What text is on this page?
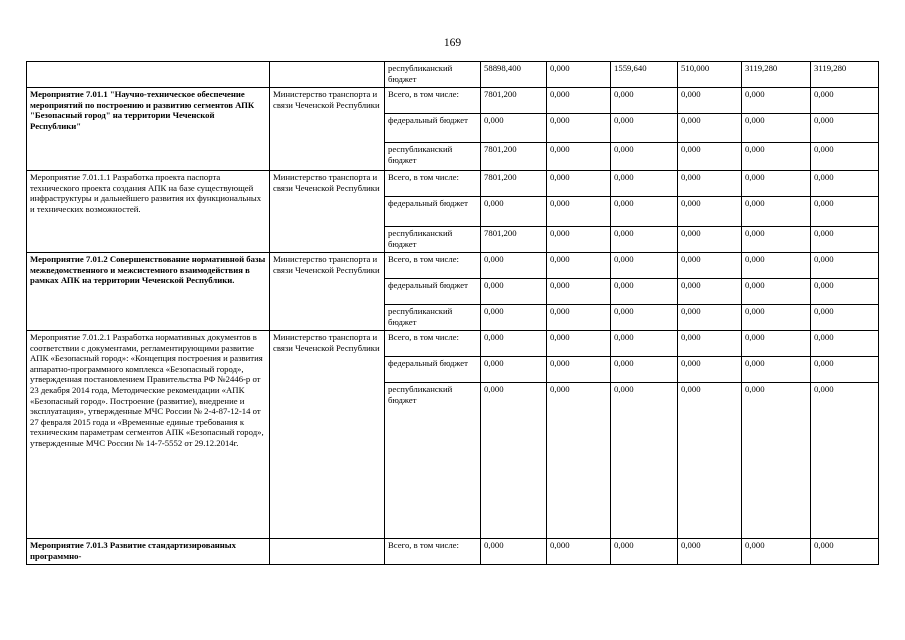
169
		республиканский бюджет	58898,400	0,000	1559,640	510,000	3119,280	3119,280
Мероприятие 7.01.1 "Научно-техническое обеспечение мероприятий по построению и развитию сегментов АПК "Безопасный город" на территории Чеченской Республики"	Министерство транспорта и связи Чеченской Республики	Всего, в том числе:	7801,200	0,000	0,000	0,000	0,000	0,000
		федеральный бюджет	0,000	0,000	0,000	0,000	0,000	0,000
		республиканский бюджет	7801,200	0,000	0,000	0,000	0,000	0,000
Мероприятие 7.01.1.1 Разработка проекта паспорта технического проекта создания АПК на базе существующей инфраструктуры и дальнейшего развития их функциональных и технических возможностей.	Министерство транспорта и связи Чеченской Республики	Всего, в том числе:	7801,200	0,000	0,000	0,000	0,000	0,000
		федеральный бюджет	0,000	0,000	0,000	0,000	0,000	0,000
		республиканский бюджет	7801,200	0,000	0,000	0,000	0,000	0,000
Мероприятие 7.01.2 Совершенствование нормативной базы межведомственного и межсистемного взаимодействия в рамках АПК на территории Чеченской Республики.	Министерство транспорта и связи Чеченской Республики	Всего, в том числе:	0,000	0,000	0,000	0,000	0,000	0,000
		федеральный бюджет	0,000	0,000	0,000	0,000	0,000	0,000
		республиканский бюджет	0,000	0,000	0,000	0,000	0,000	0,000
Мероприятие 7.01.2.1 Разработка нормативных документов в соответствии с документами, регламентирующими развитие АПК «Безопасный город»: «Концепция построения и развития аппаратно-программного комплекса «Безопасный город», утвержденная постановлением Правительства РФ №2446-р от 23 декабря 2014 года, Методические рекомендации «АПК «Безопасный город». Построение (развитие), внедрение и эксплуатация», утвержденные МЧС России № 2-4-87-12-14 от 27 февраля 2015 года и «Временные единые требования к техническим параметрам сегментов АПК «Безопасный город», утвержденные МЧС России № 14-7-5552 от 29.12.2014г.	Министерство транспорта и связи Чеченской Республики	Всего, в том числе:	0,000	0,000	0,000	0,000	0,000	0,000
		федеральный бюджет	0,000	0,000	0,000	0,000	0,000	0,000
		республиканский бюджет	0,000	0,000	0,000	0,000	0,000	0,000
Мероприятие 7.01.3 Развитие стандартизированных программно-		Всего, в том числе:	0,000	0,000	0,000	0,000	0,000	0,000
